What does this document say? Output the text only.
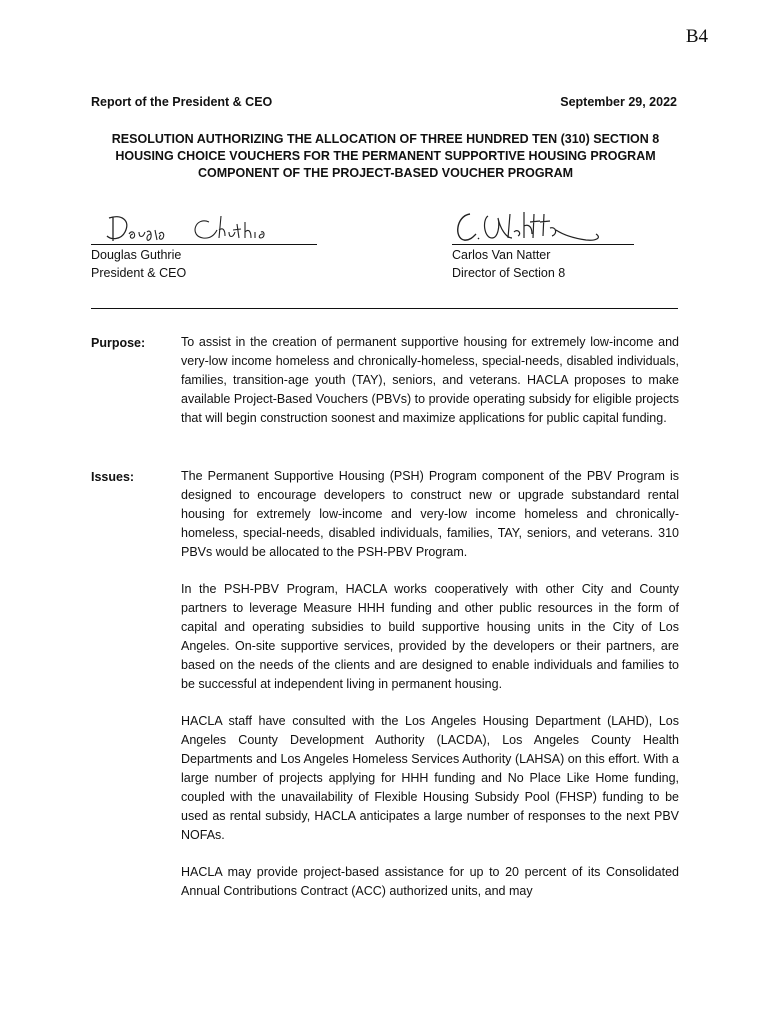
B4
Report of the President & CEO	September 29, 2022
RESOLUTION AUTHORIZING THE ALLOCATION OF THREE HUNDRED TEN (310) SECTION 8 HOUSING CHOICE VOUCHERS FOR THE PERMANENT SUPPORTIVE HOUSING PROGRAM COMPONENT OF THE PROJECT-BASED VOUCHER PROGRAM
Douglas Guthrie
President & CEO
Carlos Van Natter
Director of Section 8
Purpose:	To assist in the creation of permanent supportive housing for extremely low-income and very-low income homeless and chronically-homeless, special-needs, disabled individuals, families, transition-age youth (TAY), seniors, and veterans. HACLA proposes to make available Project-Based Vouchers (PBVs) to provide operating subsidy for eligible projects that will begin construction soonest and maximize applications for public capital funding.

Issues:	The Permanent Supportive Housing (PSH) Program component of the PBV Program is designed to encourage developers to construct new or upgrade substandard rental housing for extremely low-income and very-low income homeless and chronically-homeless, special-needs, disabled individuals, families, TAY, seniors, and veterans. 310 PBVs would be allocated to the PSH-PBV Program.

In the PSH-PBV Program, HACLA works cooperatively with other City and County partners to leverage Measure HHH funding and other public resources in the form of capital and operating subsidies to build supportive housing units in the City of Los Angeles. On-site supportive services, provided by the developers or their partners, are based on the needs of the clients and are designed to enable individuals and families to be successful at independent living in permanent housing.

HACLA staff have consulted with the Los Angeles Housing Department (LAHD), Los Angeles County Development Authority (LACDA), Los Angeles County Health Departments and Los Angeles Homeless Services Authority (LAHSA) on this effort. With a large number of projects applying for HHH funding and No Place Like Home funding, coupled with the unavailability of Flexible Housing Subsidy Pool (FHSP) funding to be used as rental subsidy, HACLA anticipates a large number of responses to the next PBV NOFAs.

HACLA may provide project-based assistance for up to 20 percent of its Consolidated Annual Contributions Contract (ACC) authorized units, and may
